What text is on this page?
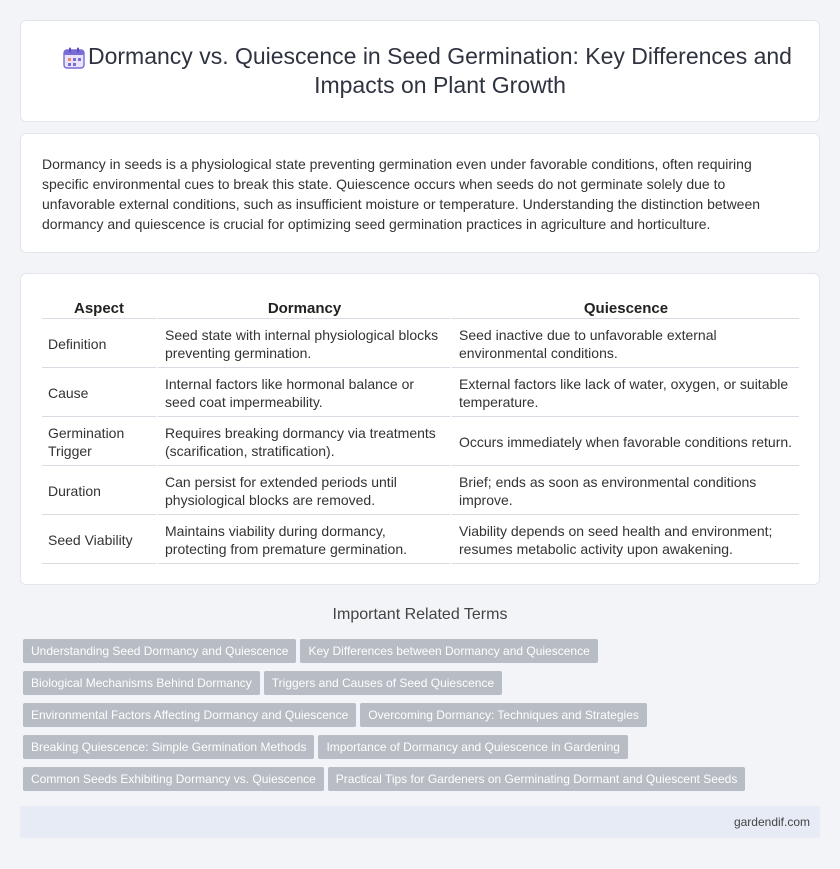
Dormancy vs. Quiescence in Seed Germination: Key Differences and Impacts on Plant Growth

Dormancy in seeds is a physiological state preventing germination even under favorable conditions, often requiring specific environmental cues to break this state. Quiescence occurs when seeds do not germinate solely due to unfavorable external conditions, such as insufficient moisture or temperature. Understanding the distinction between dormancy and quiescence is crucial for optimizing seed germination practices in agriculture and horticulture.

Aspect	Dormancy	Quiescence
Definition	Seed state with internal physiological blocks preventing germination.	Seed inactive due to unfavorable external environmental conditions.
Cause	Internal factors like hormonal balance or seed coat impermeability.	External factors like lack of water, oxygen, or suitable temperature.
Germination Trigger	Requires breaking dormancy via treatments (scarification, stratification).	Occurs immediately when favorable conditions return.
Duration	Can persist for extended periods until physiological blocks are removed.	Brief; ends as soon as environmental conditions improve.
Seed Viability	Maintains viability during dormancy, protecting from premature germination.	Viability depends on seed health and environment; resumes metabolic activity upon awakening.
Important Related Terms
Understanding Seed Dormancy and Quiescence Key Differences between Dormancy and Quiescence
Biological Mechanisms Behind Dormancy Triggers and Causes of Seed Quiescence
Environmental Factors Affecting Dormancy and Quiescence Overcoming Dormancy: Techniques and Strategies
Breaking Quiescence: Simple Germination Methods Importance of Dormancy and Quiescence in Gardening
Common Seeds Exhibiting Dormancy vs. Quiescence Practical Tips for Gardeners on Germinating Dormant and Quiescent Seeds
gardendif.com
